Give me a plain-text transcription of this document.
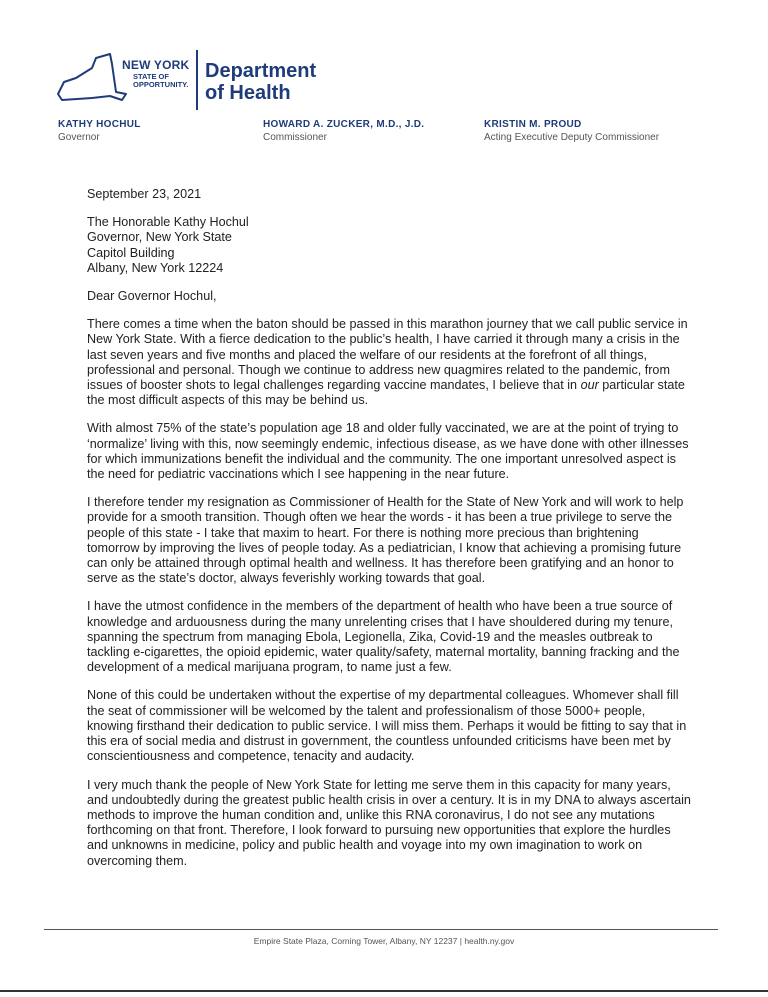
NEW YORK
STATE OF
OPPORTUNITY.
Department
of Health
KATHY HOCHUL
Governor
HOWARD A. ZUCKER, M.D., J.D.
Commissioner
KRISTIN M. PROUD
Acting Executive Deputy Commissioner

September 23, 2021

The Honorable Kathy Hochul
Governor, New York State
Capitol Building
Albany, New York 12224

Dear Governor Hochul,

There comes a time when the baton should be passed in this marathon journey that we call public service in New York State. With a fierce dedication to the public’s health, I have carried it through many a crisis in the last seven years and five months and placed the welfare of our residents at the forefront of all things, professional and personal. Though we continue to address new quagmires related to the pandemic, from issues of booster shots to legal challenges regarding vaccine mandates, I believe that in our particular state the most difficult aspects of this may be behind us.

With almost 75% of the state’s population age 18 and older fully vaccinated, we are at the point of trying to ‘normalize’ living with this, now seemingly endemic, infectious disease, as we have done with other illnesses for which immunizations benefit the individual and the community. The one important unresolved aspect is the need for pediatric vaccinations which I see happening in the near future.

I therefore tender my resignation as Commissioner of Health for the State of New York and will work to help provide for a smooth transition. Though often we hear the words - it has been a true privilege to serve the people of this state - I take that maxim to heart. For there is nothing more precious than brightening tomorrow by improving the lives of people today. As a pediatrician, I know that achieving a promising future can only be attained through optimal health and wellness. It has therefore been gratifying and an honor to serve as the state’s doctor, always feverishly working towards that goal.

I have the utmost confidence in the members of the department of health who have been a true source of knowledge and arduousness during the many unrelenting crises that I have shouldered during my tenure, spanning the spectrum from managing Ebola, Legionella, Zika, Covid-19 and the measles outbreak to tackling e-cigarettes, the opioid epidemic, water quality/safety, maternal mortality, banning fracking and the development of a medical marijuana program, to name just a few.

None of this could be undertaken without the expertise of my departmental colleagues. Whomever shall fill the seat of commissioner will be welcomed by the talent and professionalism of those 5000+ people, knowing firsthand their dedication to public service. I will miss them. Perhaps it would be fitting to say that in this era of social media and distrust in government, the countless unfounded criticisms have been met by conscientiousness and competence, tenacity and audacity.

I very much thank the people of New York State for letting me serve them in this capacity for many years, and undoubtedly during the greatest public health crisis in over a century. It is in my DNA to always ascertain methods to improve the human condition and, unlike this RNA coronavirus, I do not see any mutations forthcoming on that front. Therefore, I look forward to pursuing new opportunities that explore the hurdles and unknowns in medicine, policy and public health and voyage into my own imagination to work on overcoming them.

Empire State Plaza, Corning Tower, Albany, NY 12237 | health.ny.gov
